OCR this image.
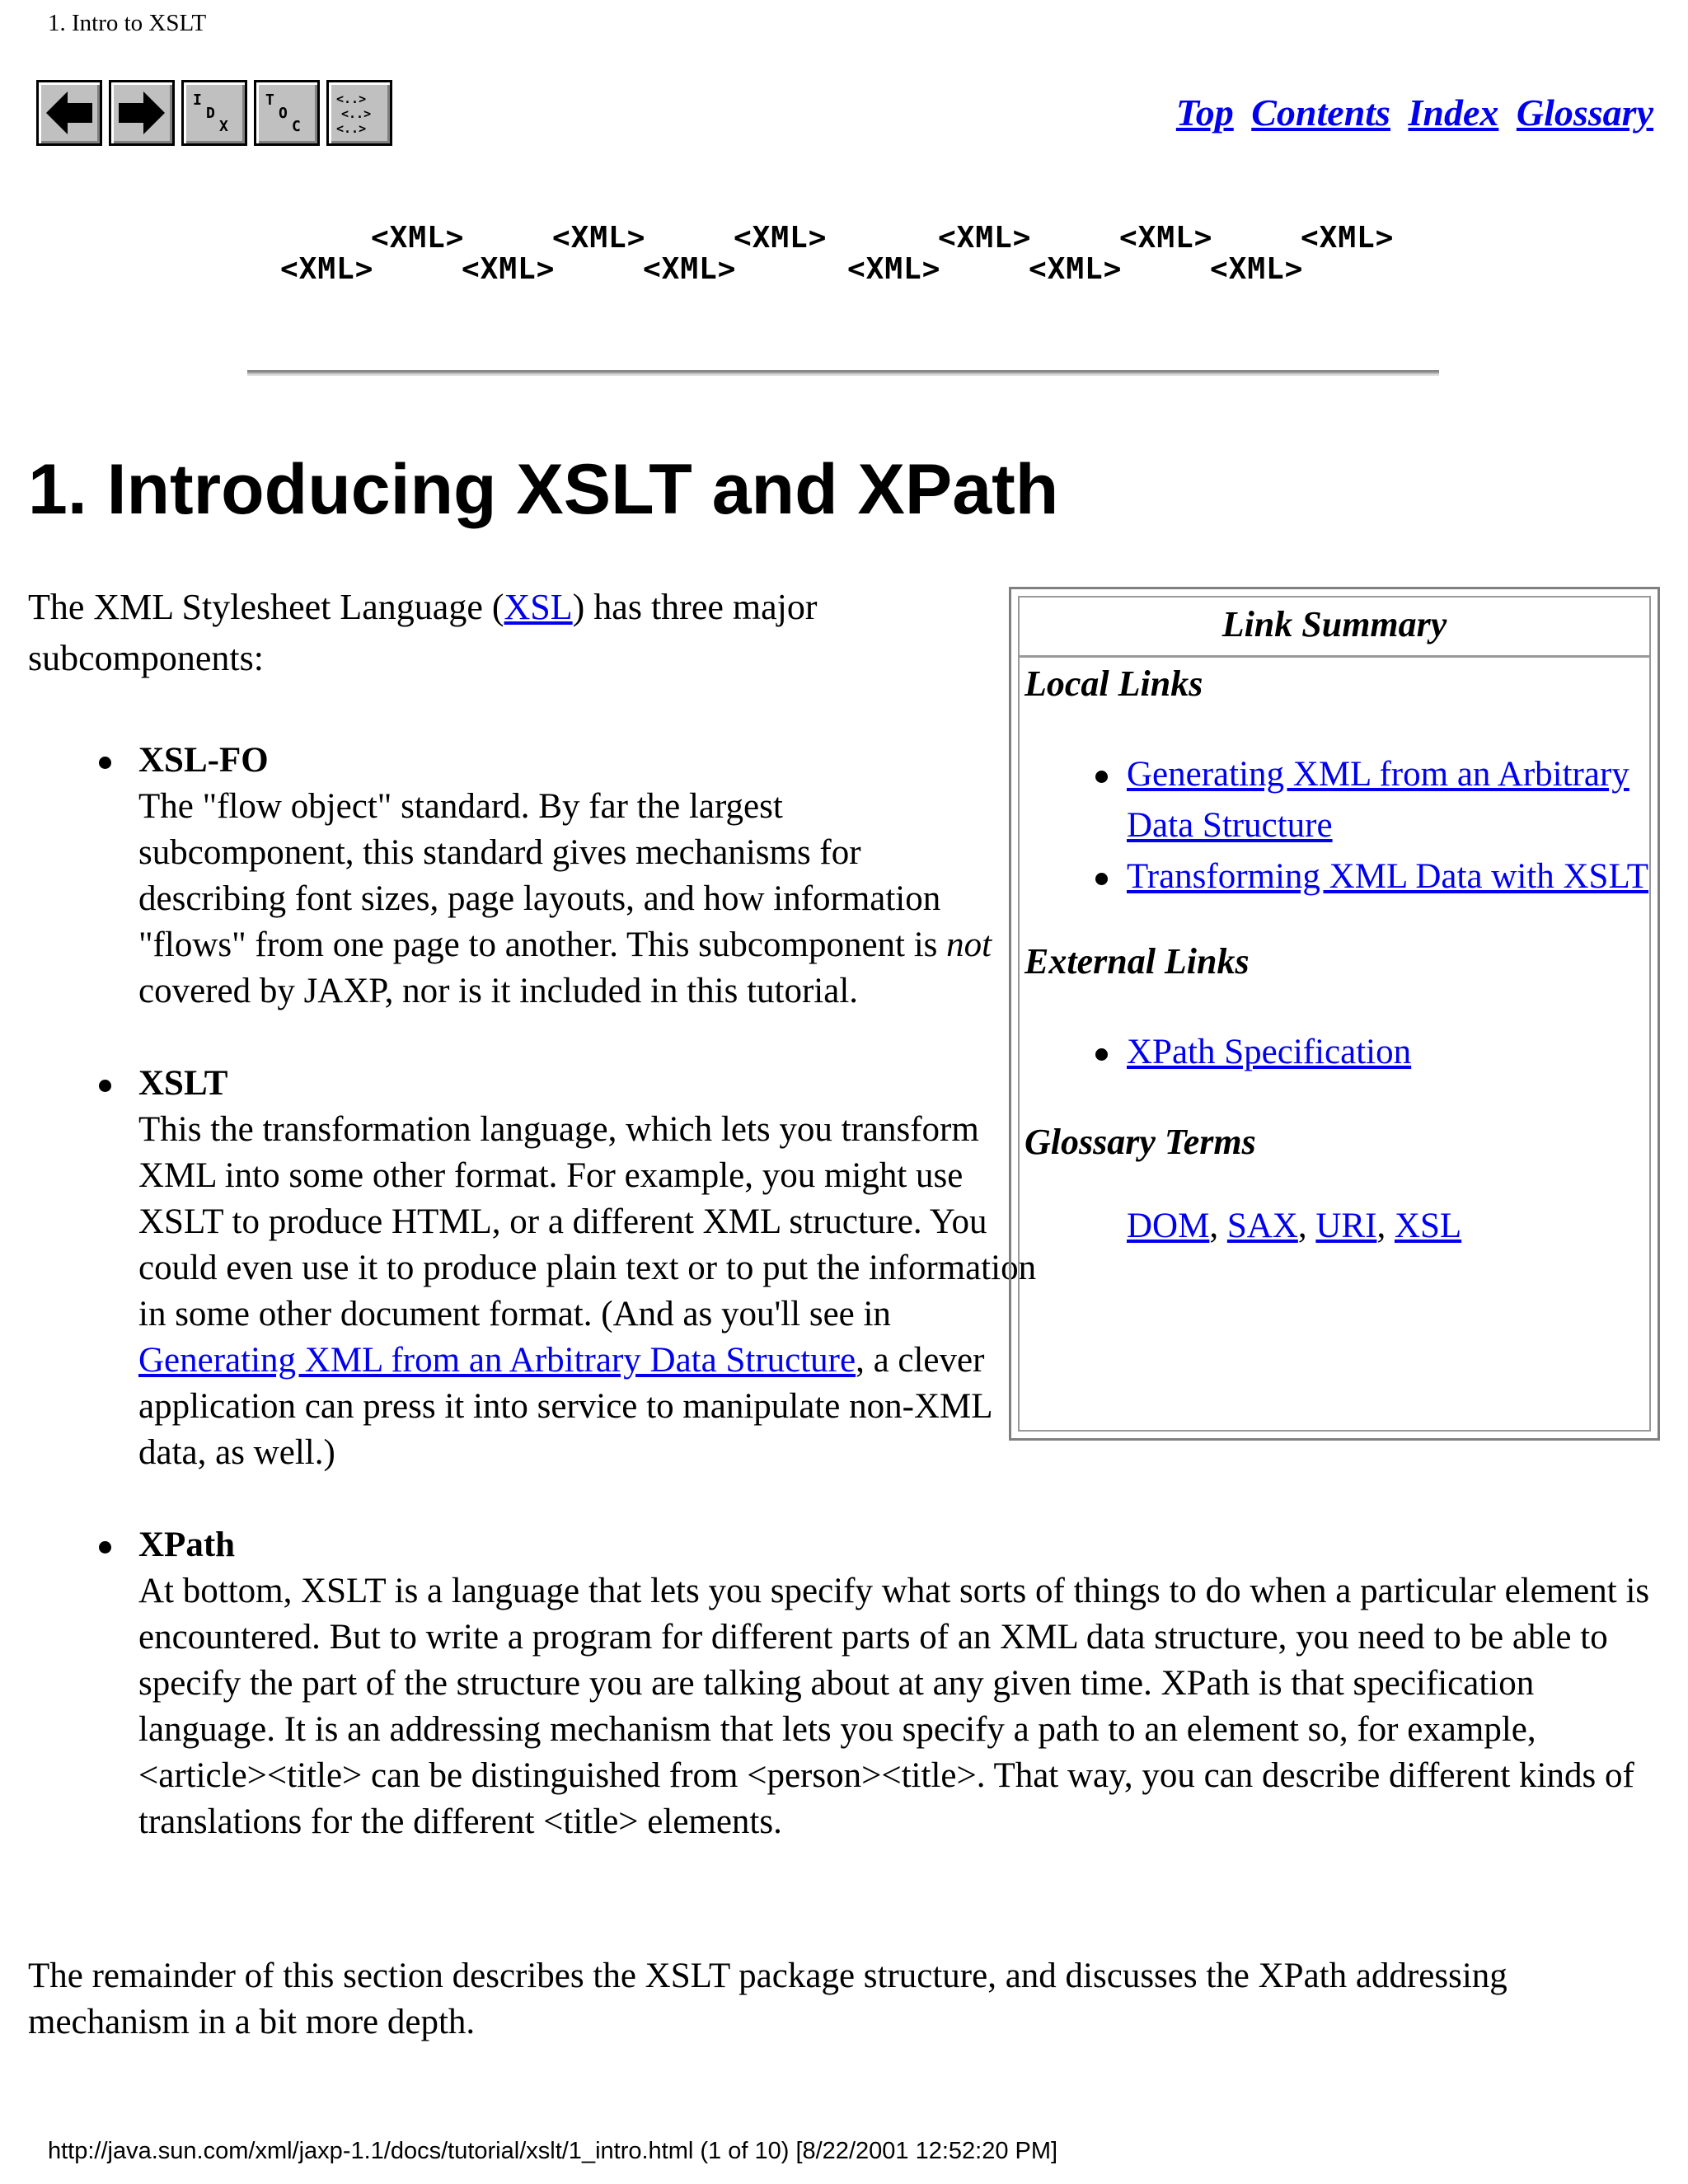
1. Intro to XSLT
I
D
X
T
O
C
<..>
<..>
<..>	Top Contents Index Glossary
<XML>
<XML>
<XML>
<XML>
<XML>
<XML>
<XML>
<XML>
<XML>
<XML>
<XML>
<XML>
1. Introducing XSLT and XPath
The XML Stylesheet Language (XSL) has three major subcomponents:
XSL-FO
The "flow object" standard. By far the largest subcomponent, this standard gives mechanisms for describing font sizes, page layouts, and how information "flows" from one page to another. This subcomponent is not covered by JAXP, nor is it included in this tutorial.
XSLT
This the transformation language, which lets you transform XML into some other format. For example, you might use XSLT to produce HTML, or a different XML structure. You could even use it to produce plain text or to put the information in some other document format. (And as you'll see in Generating XML from an Arbitrary Data Structure, a clever application can press it into service to manipulate non-XML data, as well.)
XPath
At bottom, XSLT is a language that lets you specify what sorts of things to do when a particular element is encountered. But to write a program for different parts of an XML data structure, you need to be able to specify the part of the structure you are talking about at any given time. XPath is that specification language. It is an addressing mechanism that lets you specify a path to an element so, for example, <article><title> can be distinguished from <person><title>. That way, you can describe different kinds of translations for the different <title> elements.
Link Summary
Local Links
Generating XML from an Arbitrary Data Structure
Transforming XML Data with XSLT
External Links
XPath Specification
Glossary Terms
DOM, SAX, URI, XSL
The remainder of this section describes the XSLT package structure, and discusses the XPath addressing mechanism in a bit more depth.
http://java.sun.com/xml/jaxp-1.1/docs/tutorial/xslt/1_intro.html (1 of 10) [8/22/2001 12:52:20 PM]
